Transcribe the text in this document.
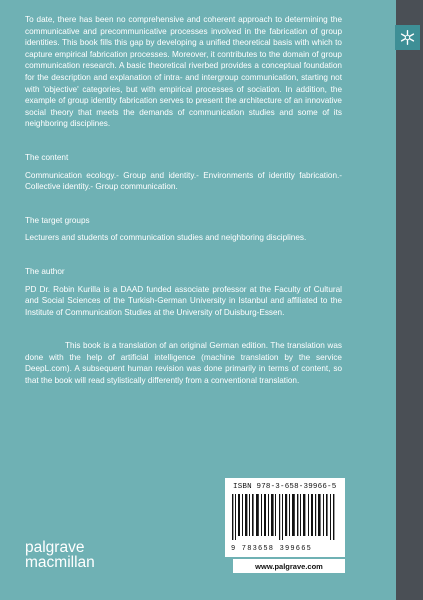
To date, there has been no comprehensive and coherent approach to determining the communicative and precommunicative processes involved in the fabrication of group identities. This book fills this gap by developing a unified theoretical basis with which to capture empirical fabrication processes. Moreover, it contributes to the domain of group communication research. A basic theoretical riverbed provides a conceptual foundation for the description and explanation of intra- and intergroup communication, starting not with 'objective' categories, but with empirical processes of sociation. In addition, the example of group identity fabrication serves to present the architecture of an innovative social theory that meets the demands of communication studies and some of its neighboring disciplines.

The content

Communication ecology.- Group and identity.- Environments of identity fabrication.- Collective identity.- Group communication.

The target groups

Lecturers and students of communication studies and neighboring disciplines.

The author

PD Dr. Robin Kurilla is a DAAD funded associate professor at the Faculty of Cultural and Social Sciences of the Turkish-German University in Istanbul and affiliated to the Institute of Communication Studies at the University of Duisburg-Essen.

This book is a translation of an original German edition. The translation was done with the help of artificial intelligence (machine translation by the service DeepL.com). A subsequent human revision was done primarily in terms of content, so that the book will read stylistically differently from a conventional translation.

ISBN 978-3-658-39966-5
9 783658 399665
www.palgrave.com
palgrave
macmillan
